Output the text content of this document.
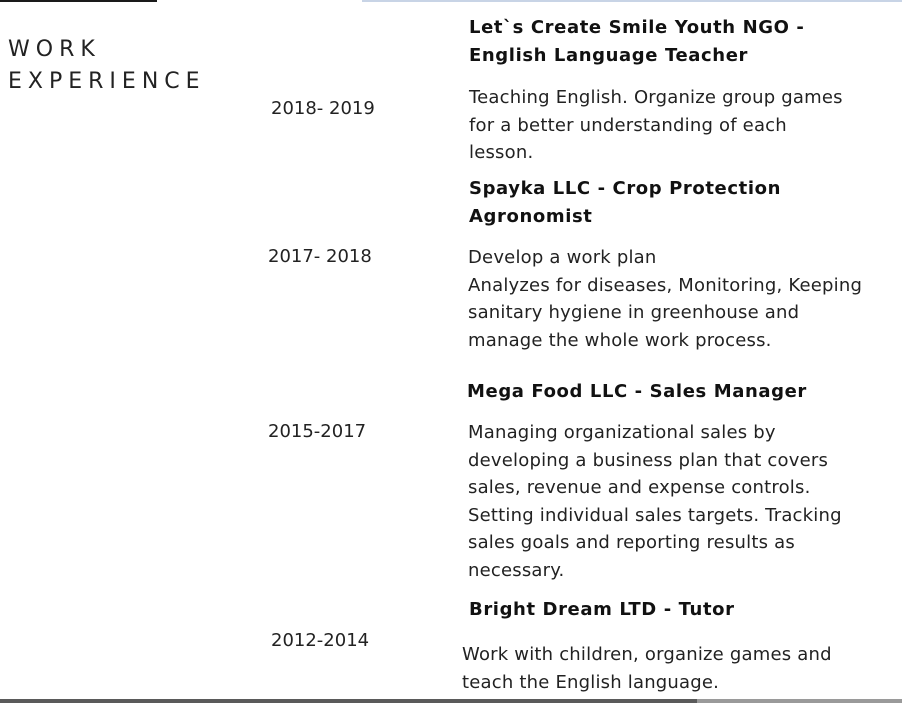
WORK
EXPERIENCE
Let`s Create Smile Youth NGO - English Language Teacher
2018- 2019

Teaching English. Organize group games for a better understanding of each lesson.

Spayka LLC - Crop Protection Agronomist
2017- 2018	Develop a work plan
Analyzes for diseases, Monitoring, Keeping sanitary hygiene in greenhouse and manage the whole work process.

Mega Food LLC - Sales Manager
2015-2017	Managing organizational sales by developing a business plan that covers sales, revenue and expense controls. Setting individual sales targets. Tracking sales goals and reporting results as necessary.

Bright Dream LTD - Tutor
2012-2014

Work with children, organize games and teach the English language.
